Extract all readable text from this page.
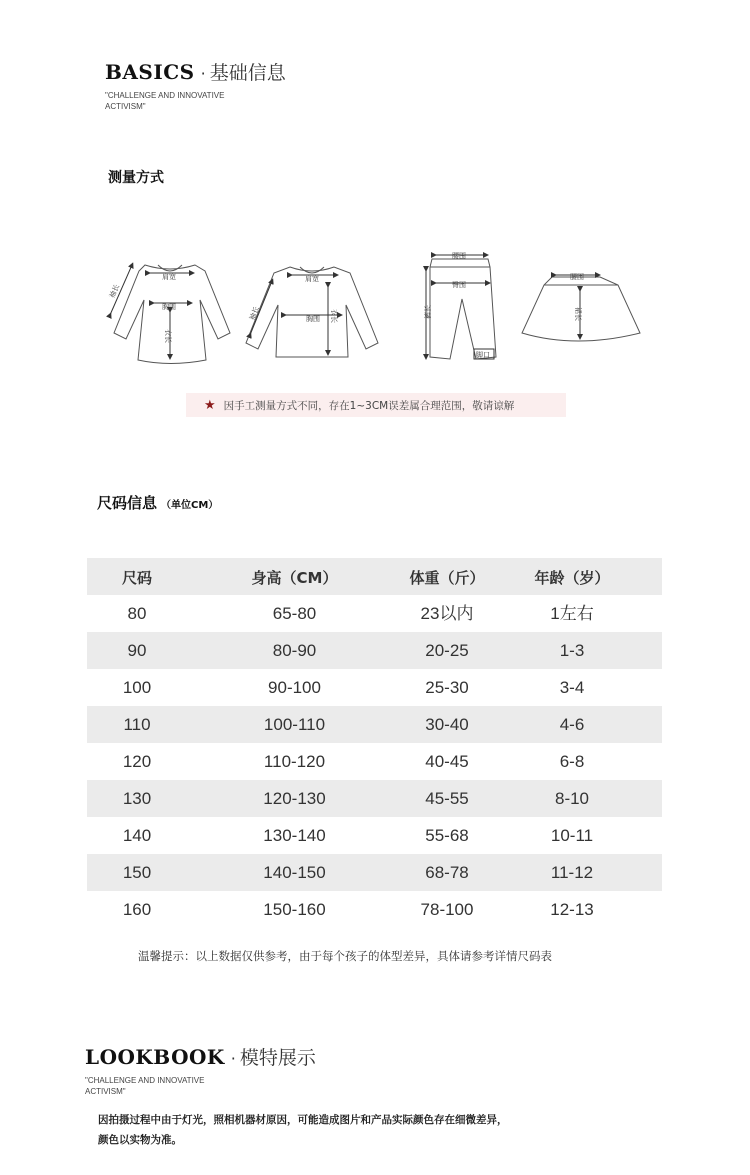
BASICS · 基础信息
"CHALLENGE AND INNOVATIVE ACTIVISM"
测量方式
肩宽
袖长
胸围
衣长
肩宽
袖长	胸围 衣长
腰围
臀围
裤长
脚口
腰围
裙长
★ 因手工测量方式不同，存在1~3CM误差属合理范围，敬请谅解
尺码信息 （单位CM）
尺码	身高（CM）	体重（斤）	年龄（岁）
80	65-80	23以内	1左右
90	80-90	20-25	1-3
100	90-100	25-30	3-4
110	100-110	30-40	4-6
120	110-120	40-45	6-8
130	120-130	45-55	8-10
140	130-140	55-68	10-11
150	140-150	68-78	11-12
160	150-160	78-100	12-13
温馨提示：以上数据仅供参考，由于每个孩子的体型差异，具体请参考详情尺码表
LOOKBOOK · 模特展示
"CHALLENGE AND INNOVATIVE ACTIVISM"
因拍摄过程中由于灯光，照相机器材原因，可能造成图片和产品实际颜色存在细微差异，
颜色以实物为准。
